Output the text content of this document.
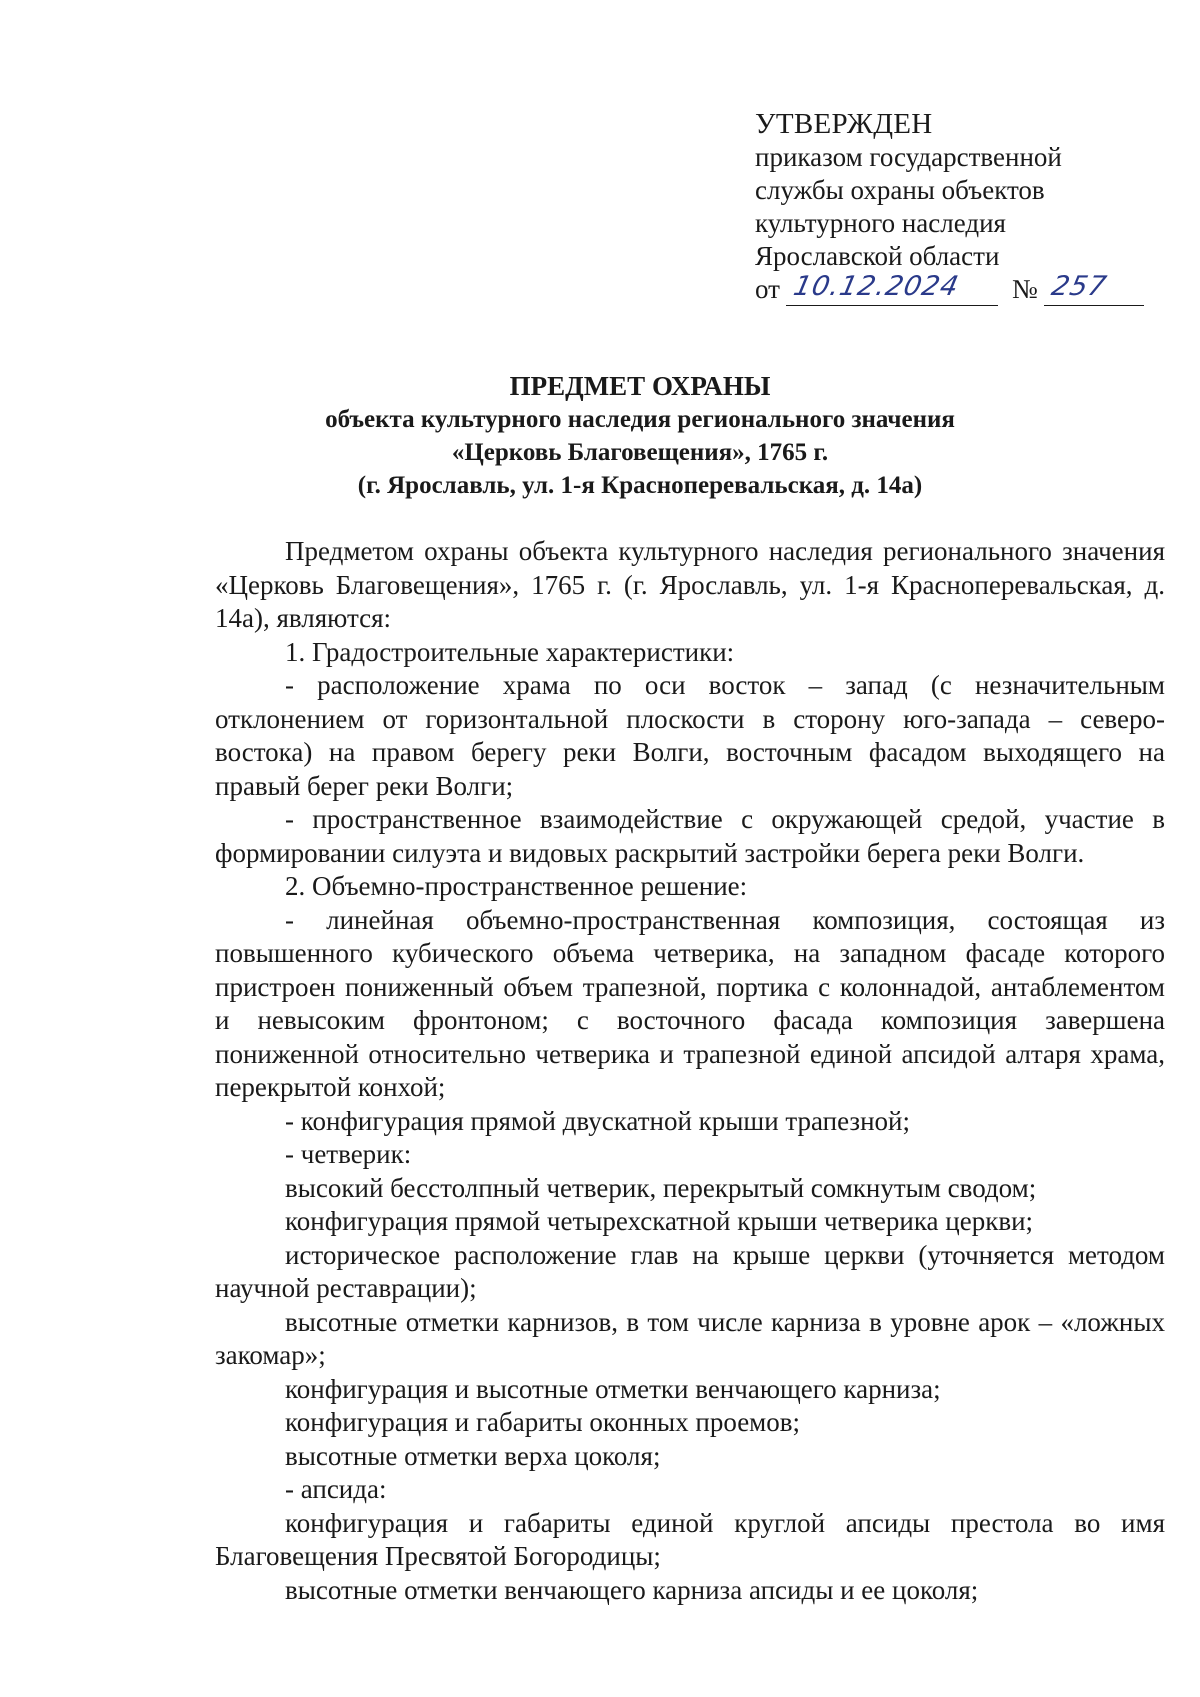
УТВЕРЖДЕН
приказом государственной
службы охраны объектов
культурного наследия
Ярославской области
от 10.12.2024 № 257
ПРЕДМЕТ ОХРАНЫ
объекта культурного наследия регионального значения
«Церковь Благовещения», 1765 г.
(г. Ярославль, ул. 1-я Красноперевальская, д. 14а)

Предметом охраны объекта культурного наследия регионального значения «Церковь Благовещения», 1765 г. (г. Ярославль, ул. 1-я Красноперевальская, д. 14а), являются:

1. Градостроительные характеристики:

- расположение храма по оси восток – запад (с незначительным отклонением от горизонтальной плоскости в сторону юго-запада – северо-востока) на правом берегу реки Волги, восточным фасадом выходящего на правый берег реки Волги;

- пространственное взаимодействие с окружающей средой, участие в формировании силуэта и видовых раскрытий застройки берега реки Волги.

2. Объемно-пространственное решение:

- линейная объемно-пространственная композиция, состоящая из повышенного кубического объема четверика, на западном фасаде которого пристроен пониженный объем трапезной, портика с колоннадой, антаблементом и невысоким фронтоном; с восточного фасада композиция завершена пониженной относительно четверика и трапезной единой апсидой алтаря храма, перекрытой конхой;

- конфигурация прямой двускатной крыши трапезной;

- четверик:

высокий бесстолпный четверик, перекрытый сомкнутым сводом;

конфигурация прямой четырехскатной крыши четверика церкви;

историческое расположение глав на крыше церкви (уточняется методом научной реставрации);

высотные отметки карнизов, в том числе карниза в уровне арок – «ложных закомар»;

конфигурация и высотные отметки венчающего карниза;

конфигурация и габариты оконных проемов;

высотные отметки верха цоколя;

- апсида:

конфигурация и габариты единой круглой апсиды престола во имя Благовещения Пресвятой Богородицы;

высотные отметки венчающего карниза апсиды и ее цоколя;
